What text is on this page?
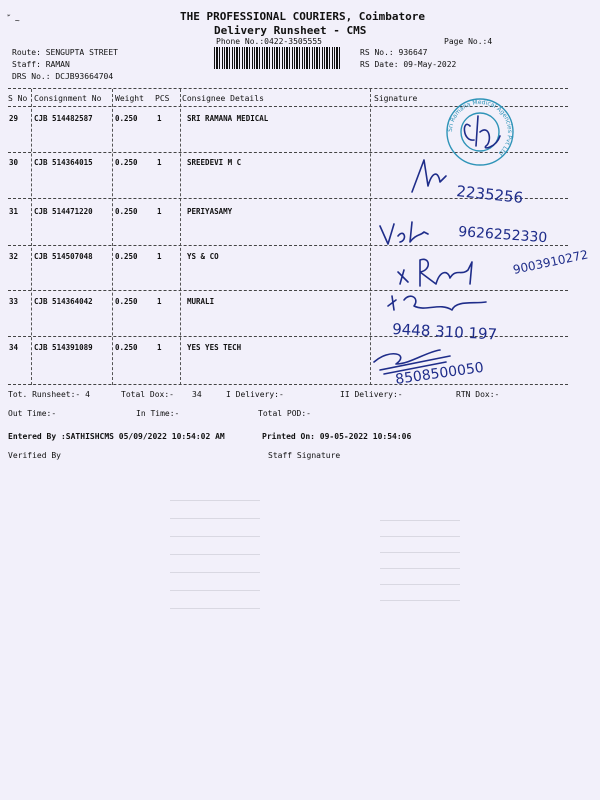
้ ~	THE PROFESSIONAL COURIERS, Coimbatore
Delivery Runsheet - CMS
Phone No.:0422-3505555	Page No.:4
Route: SENGUPTA STREET
Staff: RAMAN
DRS No.: DCJB93664704
RS No.: 936647
RS Date: 09-May-2022
S No Consignment No Weight PCS Consignee Details	Signature
29 CJB 514482587	0.250	1	SRI RAMANA MEDICAL
30 CJB 514364015	0.250	1	SREEDEVI M C
31 CJB 514471220	0.250	1	PERIYASAMY
32 CJB 514507048	0.250	1	YS & CO
33 CJB 514364042	0.250	1	MURALI
34 CJB 514391089	0.250	1	YES YES TECH
Sri Ramana Medical Agencies Pvt Ltd
2235256
9626252330
9003910272
9448 310 197
8508500050
Tot. Runsheet:- 4	Total Dox:- 34	I Delivery:-	II Delivery:-	RTN Dox:-
Out Time:-	In Time:-	Total POD:-
Entered By :SATHISHCMS 05/09/2022 10:54:02 AM	Printed On: 09-05-2022 10:54:06
Verified By	Staff Signature
